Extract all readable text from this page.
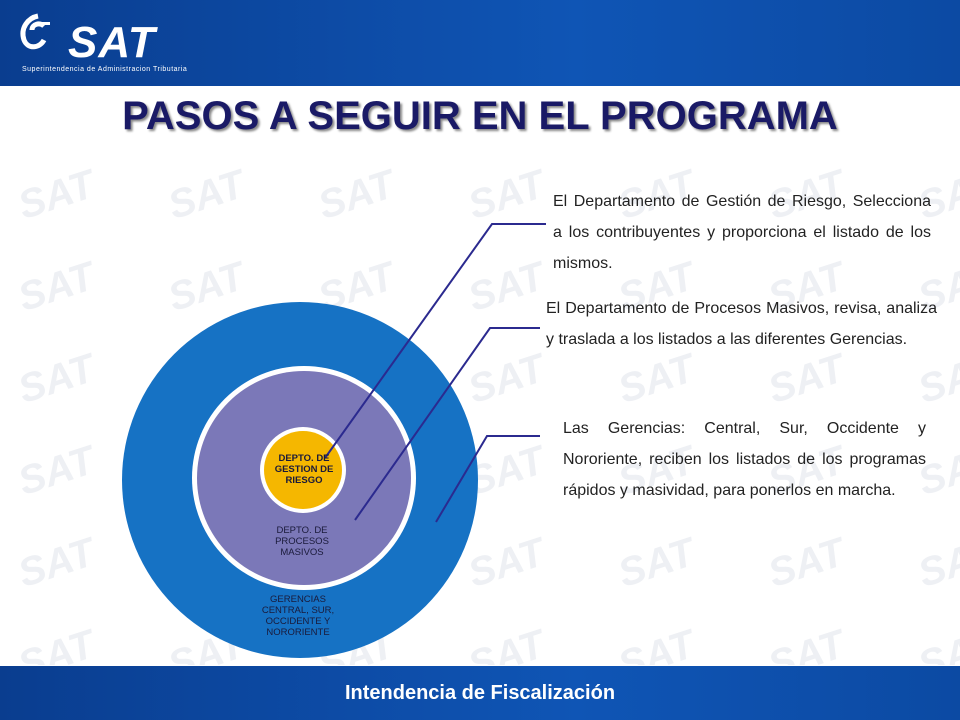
SAT
Superintendencia de Administracion Tributaria
PASOS A SEGUIR EN EL PROGRAMA
DEPTO. DE GESTION DE RIESGO
DEPTO. DE PROCESOS MASIVOS
GERENCIAS CENTRAL, SUR, OCCIDENTE Y NORORIENTE
El Departamento de Gestión de Riesgo, Selecciona a los contribuyentes y proporciona el listado de los mismos.
El Departamento de Procesos Masivos, revisa, analiza y traslada a los listados a las diferentes Gerencias.
Las Gerencias: Central, Sur, Occidente y Nororiente, reciben los listados de los programas rápidos y masividad, para ponerlos en marcha.
Intendencia de Fiscalización
